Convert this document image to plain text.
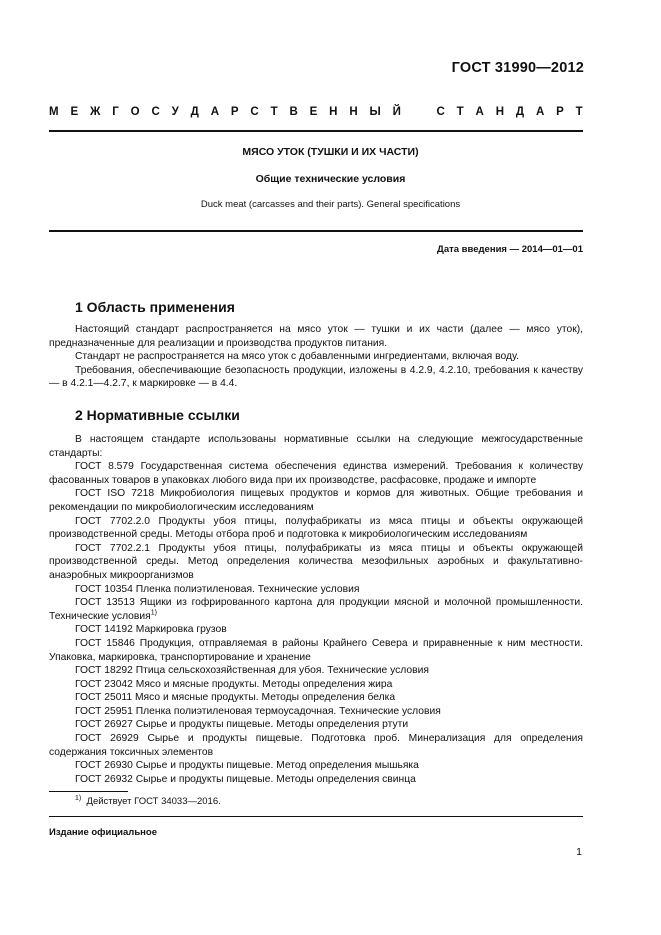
ГОСТ 31990—2012
М Е Ж Г О С У Д А Р С Т В Е Н Н Ы Й	С Т А Н Д А Р Т
МЯСО УТОК (ТУШКИ И ИХ ЧАСТИ)
Общие технические условия
Duck meat (carcasses and their parts). General specifications
Дата введения — 2014—01—01
1 Область применения
Настоящий стандарт распространяется на мясо уток — тушки и их части (далее — мясо уток), предназначенные для реализации и производства продуктов питания.
Стандарт не распространяется на мясо уток с добавленными ингредиентами, включая воду.
Требования, обеспечивающие безопасность продукции, изложены в 4.2.9, 4.2.10, требования к качеству — в 4.2.1—4.2.7, к маркировке — в 4.4.
2 Нормативные ссылки

В настоящем стандарте использованы нормативные ссылки на следующие межгосударственные стандарты:

ГОСТ 8.579 Государственная система обеспечения единства измерений. Требования к количеству фасованных товаров в упаковках любого вида при их производстве, расфасовке, продаже и импорте

ГОСТ ISO 7218 Микробиология пищевых продуктов и кормов для животных. Общие требования и рекомендации по микробиологическим исследованиям

ГОСТ 7702.2.0 Продукты убоя птицы, полуфабрикаты из мяса птицы и объекты окружающей производственной среды. Методы отбора проб и подготовка к микробиологическим исследованиям

ГОСТ 7702.2.1 Продукты убоя птицы, полуфабрикаты из мяса птицы и объекты окружающей производственной среды. Метод определения количества мезофильных аэробных и факультативно-анаэробных микроорганизмов

ГОСТ 10354 Пленка полиэтиленовая. Технические условия

ГОСТ 13513 Ящики из гофрированного картона для продукции мясной и молочной промышленности. Технические условия$^{1)}$

ГОСТ 14192 Маркировка грузов

ГОСТ 15846 Продукция, отправляемая в районы Крайнего Севера и приравненные к ним местности. Упаковка, маркировка, транспортирование и хранение

ГОСТ 18292 Птица сельскохозяйственная для убоя. Технические условия

ГОСТ 23042 Мясо и мясные продукты. Методы определения жира

ГОСТ 25011 Мясо и мясные продукты. Методы определения белка

ГОСТ 25951 Пленка полиэтиленовая термоусадочная. Технические условия

ГОСТ 26927 Сырье и продукты пищевые. Методы определения ртути

ГОСТ 26929 Сырье и продукты пищевые. Подготовка проб. Минерализация для определения содержания токсичных элементов

ГОСТ 26930 Сырье и продукты пищевые. Метод определения мышьяка

ГОСТ 26932 Сырье и продукты пищевые. Методы определения свинца

$^{1)}$ Действует ГОСТ 34033—2016.
Издание официальное
1
